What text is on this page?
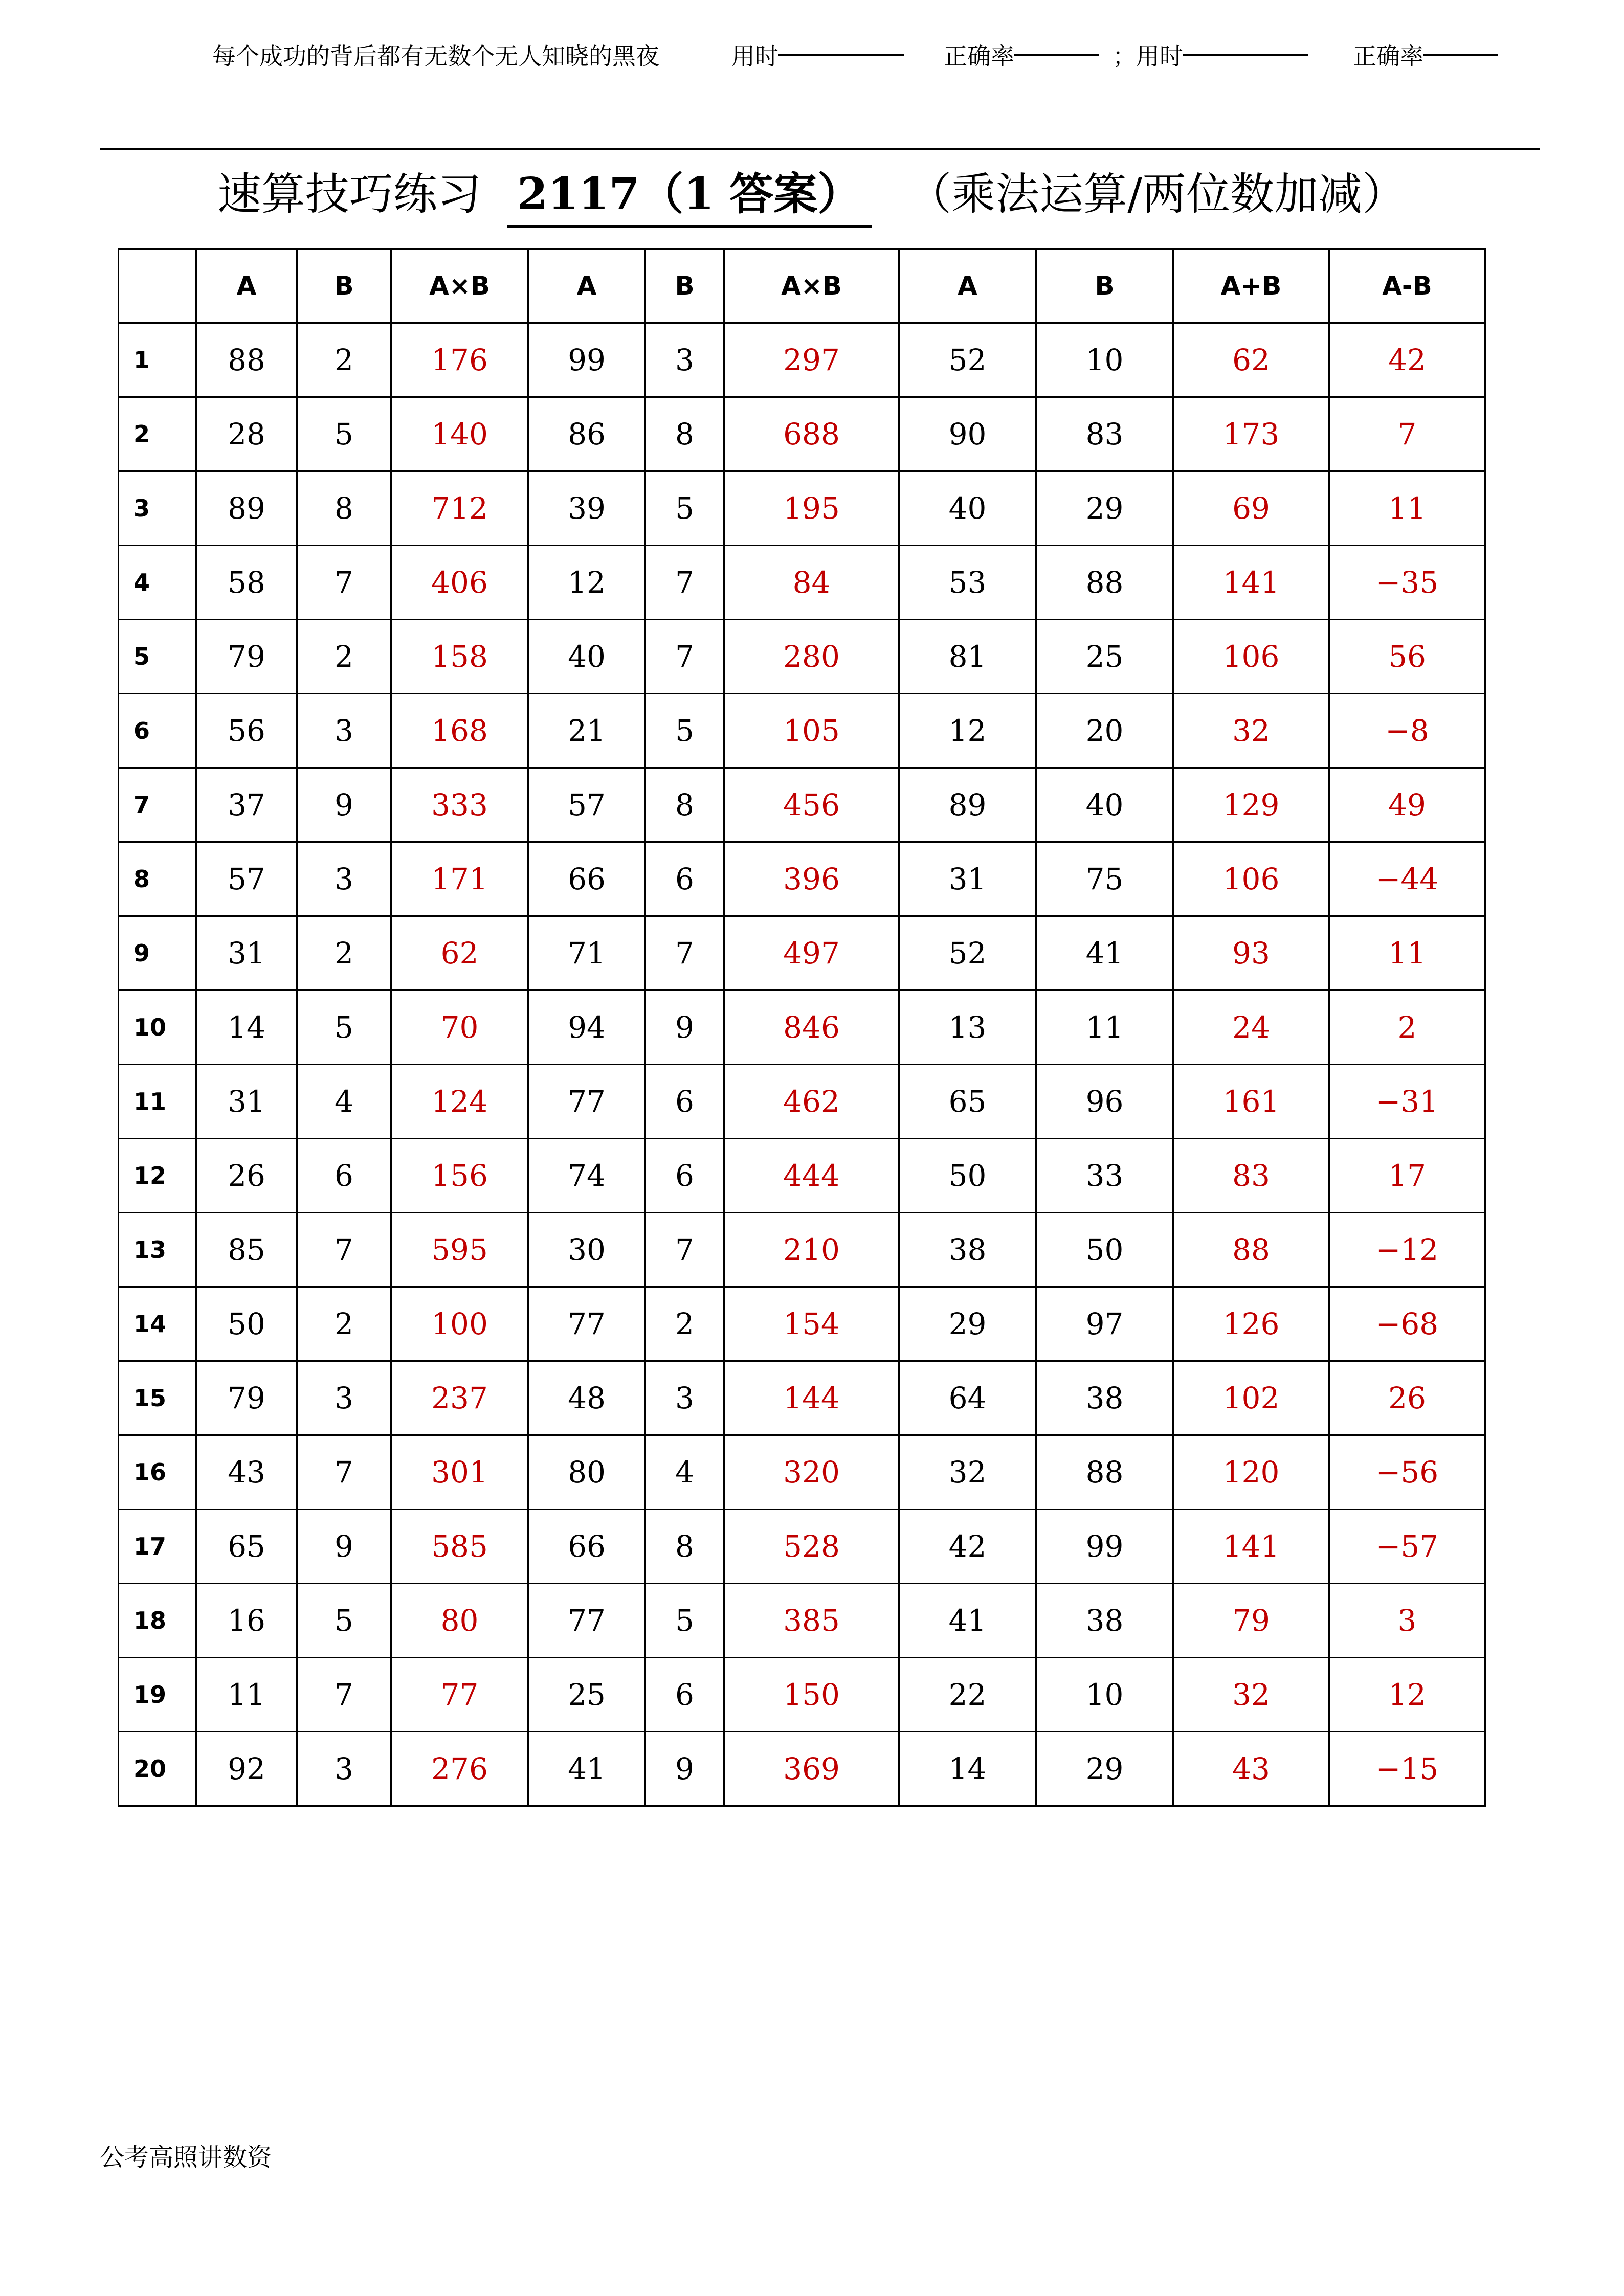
每个成功的背后都有无数个无人知晓的黑夜	用时	正确率	；用时	正确率
速算技巧练习 2117（1 答案） （乘法运算/两位数加减）
	A	B	A×B	A	B	A×B	A	B	A+B	A-B
1	88	2	176	99	3	297	52	10	62	42
2	28	5	140	86	8	688	90	83	173	7
3	89	8	712	39	5	195	40	29	69	11
4	58	7	406	12	7	84	53	88	141	−35
5	79	2	158	40	7	280	81	25	106	56
6	56	3	168	21	5	105	12	20	32	−8
7	37	9	333	57	8	456	89	40	129	49
8	57	3	171	66	6	396	31	75	106	−44
9	31	2	62	71	7	497	52	41	93	11
10	14	5	70	94	9	846	13	11	24	2
11	31	4	124	77	6	462	65	96	161	−31
12	26	6	156	74	6	444	50	33	83	17
13	85	7	595	30	7	210	38	50	88	−12
14	50	2	100	77	2	154	29	97	126	−68
15	79	3	237	48	3	144	64	38	102	26
16	43	7	301	80	4	320	32	88	120	−56
17	65	9	585	66	8	528	42	99	141	−57
18	16	5	80	77	5	385	41	38	79	3
19	11	7	77	25	6	150	22	10	32	12
20	92	3	276	41	9	369	14	29	43	−15
公考高照讲数资
